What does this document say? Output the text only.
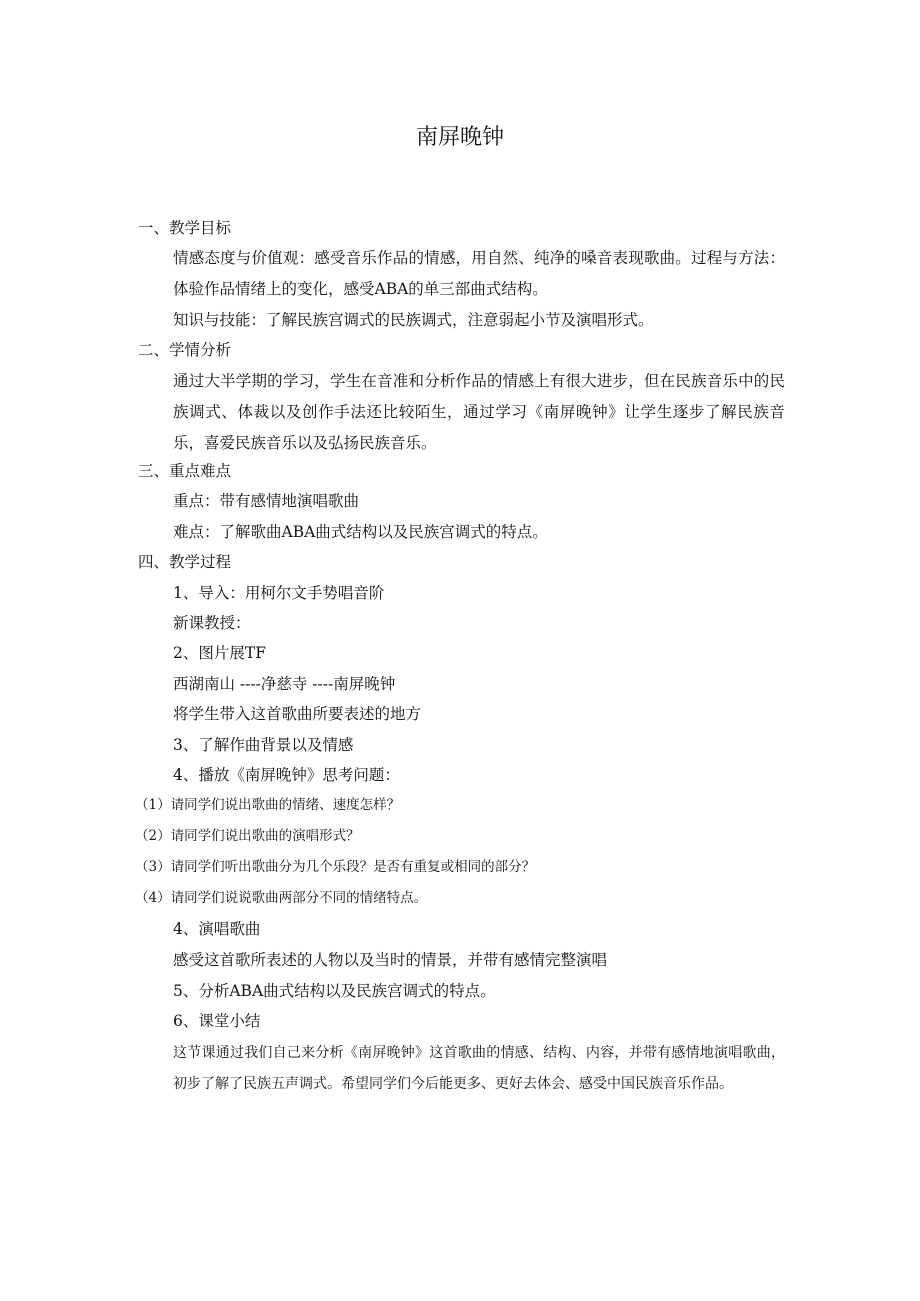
南屏晚钟
一、教学目标
情感态度与价值观：感受音乐作品的情感，用自然、纯净的嗓音表现歌曲。过程与方法：体验作品情绪上的变化，感受ABA的单三部曲式结构。
知识与技能：了解民族宫调式的民族调式，注意弱起小节及演唱形式。
二、学情分析
通过大半学期的学习，学生在音准和分析作品的情感上有很大进步，但在民族音乐中的民族调式、体裁以及创作手法还比较陌生，通过学习《南屏晚钟》让学生逐步了解民族音乐，喜爱民族音乐以及弘扬民族音乐。
三、重点难点
重点：带有感情地演唱歌曲
难点：了解歌曲ABA曲式结构以及民族宫调式的特点。
四、教学过程
1、导入：用柯尔文手势唱音阶
新课教授：
2、图片展TF
西湖南山 ----净慈寺 ----南屏晚钟
将学生带入这首歌曲所要表述的地方
3、了解作曲背景以及情感
4、播放《南屏晚钟》思考问题：
（1）请同学们说出歌曲的情绪、速度怎样？
（2）请同学们说出歌曲的演唱形式？
（3）请同学们听出歌曲分为几个乐段？是否有重复或相同的部分？
（4）请同学们说说歌曲两部分不同的情绪特点。
4、演唱歌曲
感受这首歌所表述的人物以及当时的情景，并带有感情完整演唱
5、分析ABA曲式结构以及民族宫调式的特点。
6、课堂小结
这节课通过我们自己来分析《南屏晚钟》这首歌曲的情感、结构、内容，并带有感情地演唱歌曲，初步了解了民族五声调式。希望同学们今后能更多、更好去体会、感受中国民族音乐作品。
